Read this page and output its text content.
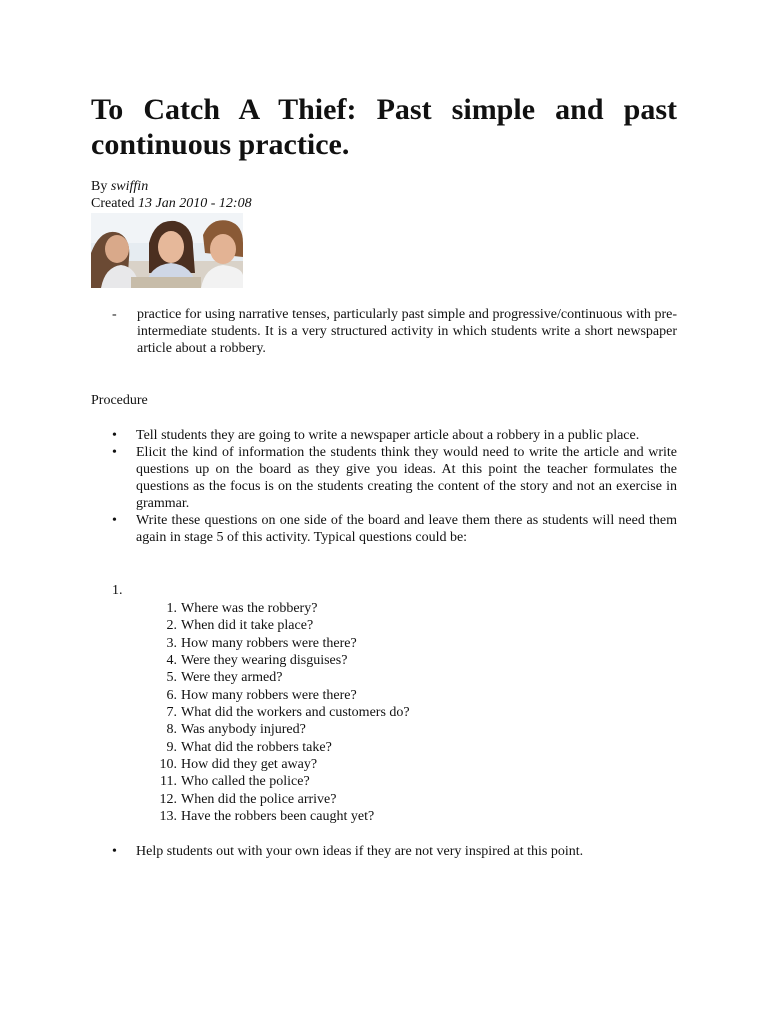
To Catch A Thief: Past simple and past continuous practice.
By swiffin
Created 13 Jan 2010 - 12:08
- practice for using narrative tenses, particularly past simple and progressive/continuous with pre-intermediate students. It is a very structured activity in which students write a short newspaper article about a robbery.
Procedure
• Tell students they are going to write a newspaper article about a robbery in a public place.
• Elicit the kind of information the students think they would need to write the article and write questions up on the board as they give you ideas. At this point the teacher formulates the questions as the focus is on the students creating the content of the story and not an exercise in grammar.
• Write these questions on one side of the board and leave them there as students will need them again in stage 5 of this activity. Typical questions could be:
1.
1. Where was the robbery?
2. When did it take place?
3. How many robbers were there?
4. Were they wearing disguises?
5. Were they armed?
6. How many robbers were there?
7. What did the workers and customers do?
8. Was anybody injured?
9. What did the robbers take?
10. How did they get away?
11. Who called the police?
12. When did the police arrive?
13. Have the robbers been caught yet?
• Help students out with your own ideas if they are not very inspired at this point.
